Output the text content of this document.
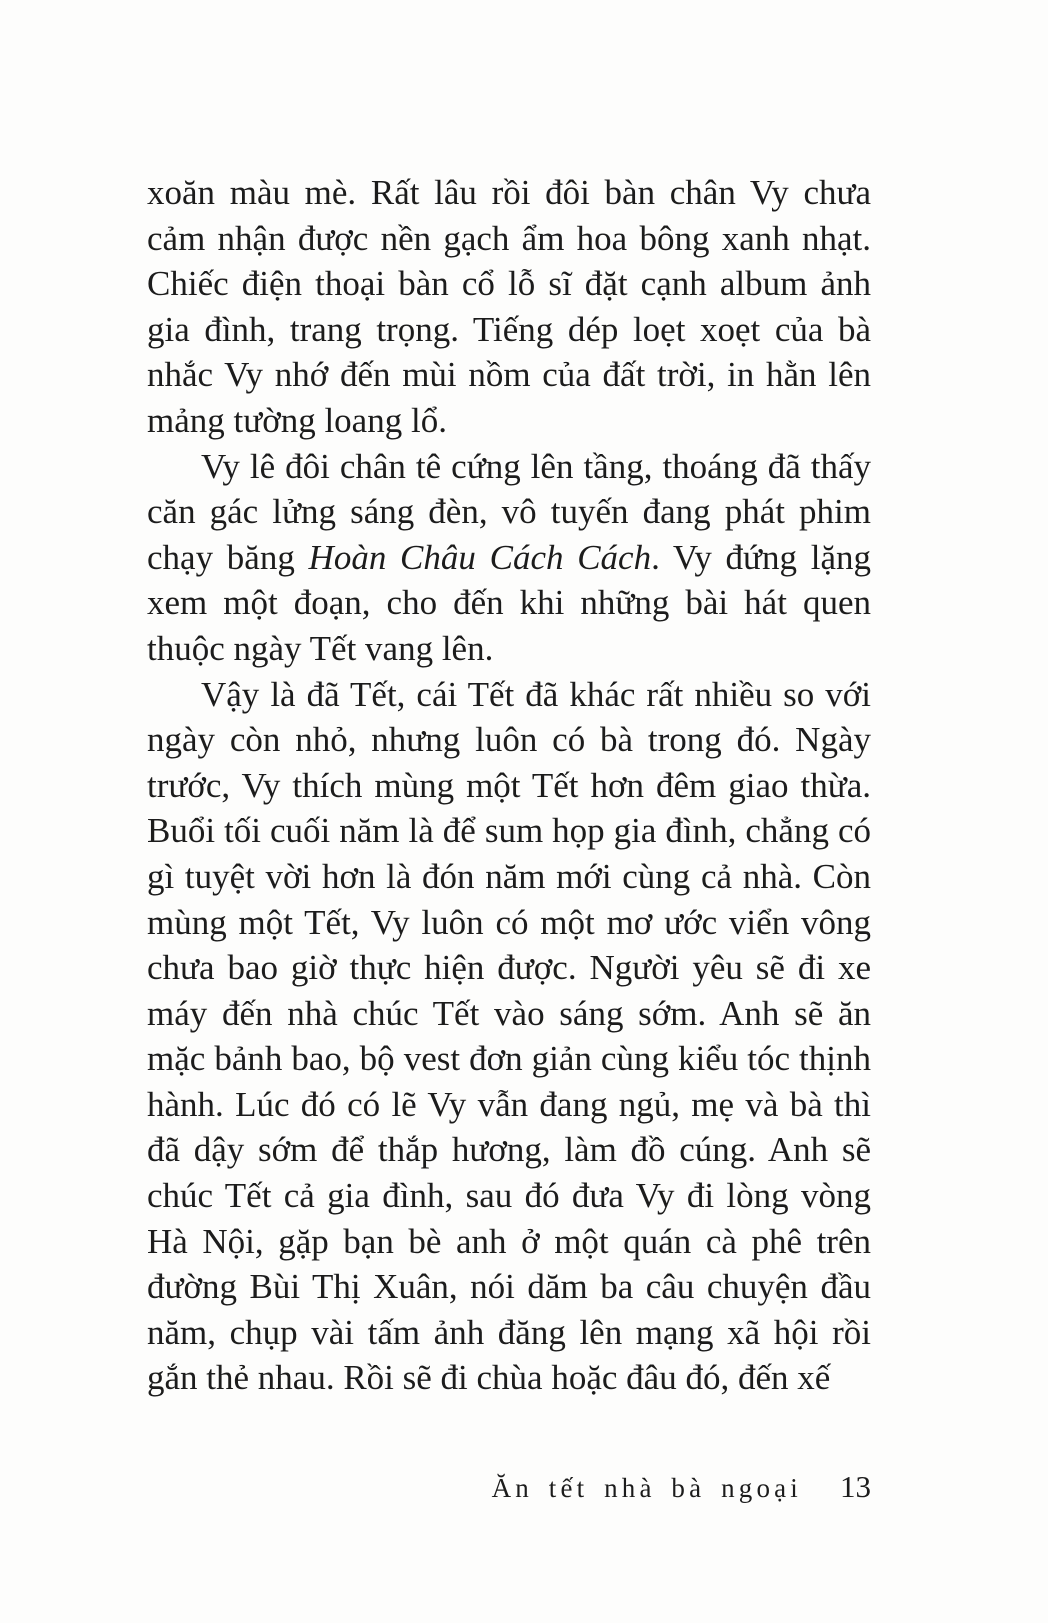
xoăn màu mè. Rất lâu rồi đôi bàn chân Vy chưa cảm nhận được nền gạch ẩm hoa bông xanh nhạt. Chiếc điện thoại bàn cổ lỗ sĩ đặt cạnh album ảnh gia đình, trang trọng. Tiếng dép loẹt xoẹt của bà nhắc Vy nhớ đến mùi nồm của đất trời, in hằn lên mảng tường loang lổ.

Vy lê đôi chân tê cứng lên tầng, thoáng đã thấy căn gác lửng sáng đèn, vô tuyến đang phát phim chạy băng Hoàn Châu Cách Cách. Vy đứng lặng xem một đoạn, cho đến khi những bài hát quen thuộc ngày Tết vang lên.

Vậy là đã Tết, cái Tết đã khác rất nhiều so với ngày còn nhỏ, nhưng luôn có bà trong đó. Ngày trước, Vy thích mùng một Tết hơn đêm giao thừa. Buổi tối cuối năm là để sum họp gia đình, chẳng có gì tuyệt vời hơn là đón năm mới cùng cả nhà. Còn mùng một Tết, Vy luôn có một mơ ước viển vông chưa bao giờ thực hiện được. Người yêu sẽ đi xe máy đến nhà chúc Tết vào sáng sớm. Anh sẽ ăn mặc bảnh bao, bộ vest đơn giản cùng kiểu tóc thịnh hành. Lúc đó có lẽ Vy vẫn đang ngủ, mẹ và bà thì đã dậy sớm để thắp hương, làm đồ cúng. Anh sẽ chúc Tết cả gia đình, sau đó đưa Vy đi lòng vòng Hà Nội, gặp bạn bè anh ở một quán cà phê trên đường Bùi Thị Xuân, nói dăm ba câu chuyện đầu năm, chụp vài tấm ảnh đăng lên mạng xã hội rồi gắn thẻ nhau. Rồi sẽ đi chùa hoặc đâu đó, đến xế

Ăn tết nhà bà ngoại 13
